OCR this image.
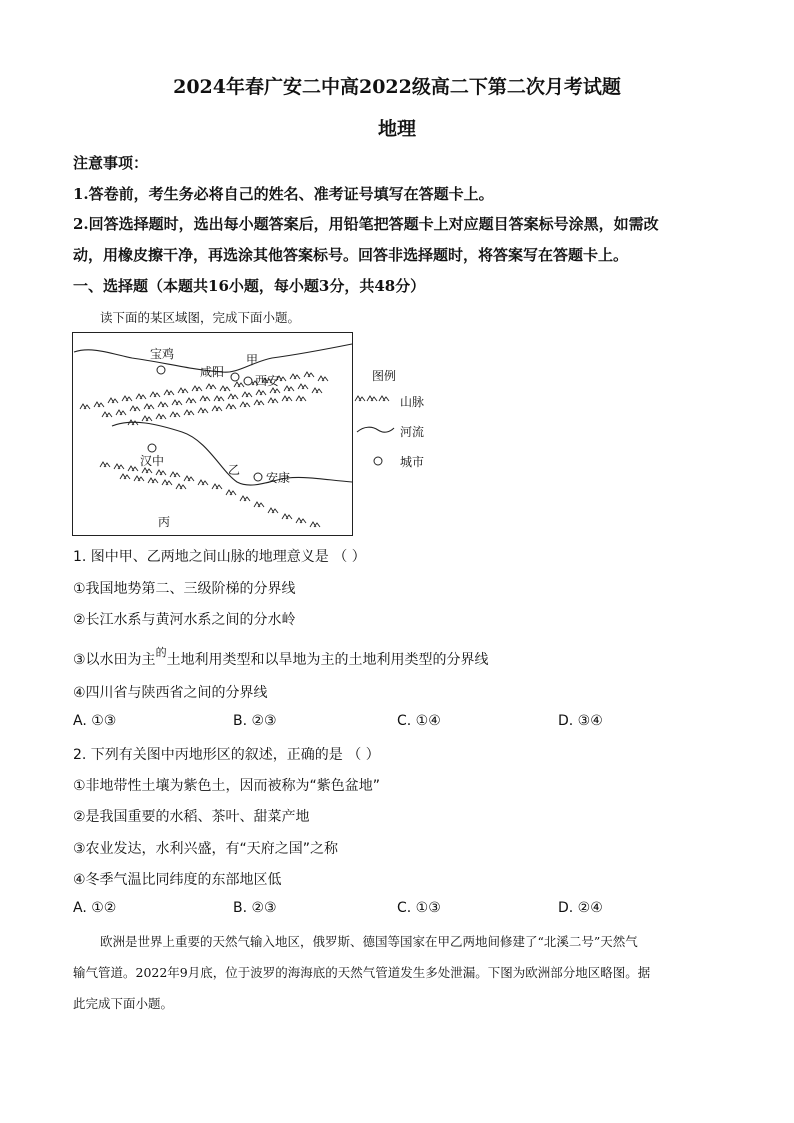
2024年春广安二中高2022级高二下第二次月考试题
地理
注意事项：
1.答卷前，考生务必将自己的姓名、准考证号填写在答题卡上。
2.回答选择题时，选出每小题答案后，用铅笔把答题卡上对应题目答案标号涂黑，如需改
动，用橡皮擦干净，再选涂其他答案标号。回答非选择题时，将答案写在答题卡上。
一、选择题（本题共16小题，每小题3分，共48分）
读下面的某区域图，完成下面小题。
宝鸡
咸阳
西安
汉中
安康
甲
乙
丙
图例
山脉
河流
城市
1. 图中甲、乙两地之间山脉的地理意义是 （ ）
①我国地势第二、三级阶梯的分界线
②长江水系与黄河水系之间的分水岭
③以水田为主$^的$土地利用类型和以旱地为主的土地利用类型的分界线
④四川省与陕西省之间的分界线
A. ①③	B. ②③	C. ①④	D. ③④
2. 下列有关图中丙地形区的叙述，正确的是 （ ）
①非地带性土壤为紫色土，因而被称为“紫色盆地”
②是我国重要的水稻、茶叶、甜菜产地
③农业发达，水利兴盛，有“天府之国”之称
④冬季气温比同纬度的东部地区低
A. ①②	B. ②③	C. ①③	D. ②④
欧洲是世界上重要的天然气输入地区，俄罗斯、德国等国家在甲乙两地间修建了“北溪二号”天然气
输气管道。2022年9月底，位于波罗的海海底的天然气管道发生多处泄漏。下图为欧洲部分地区略图。据
此完成下面小题。
